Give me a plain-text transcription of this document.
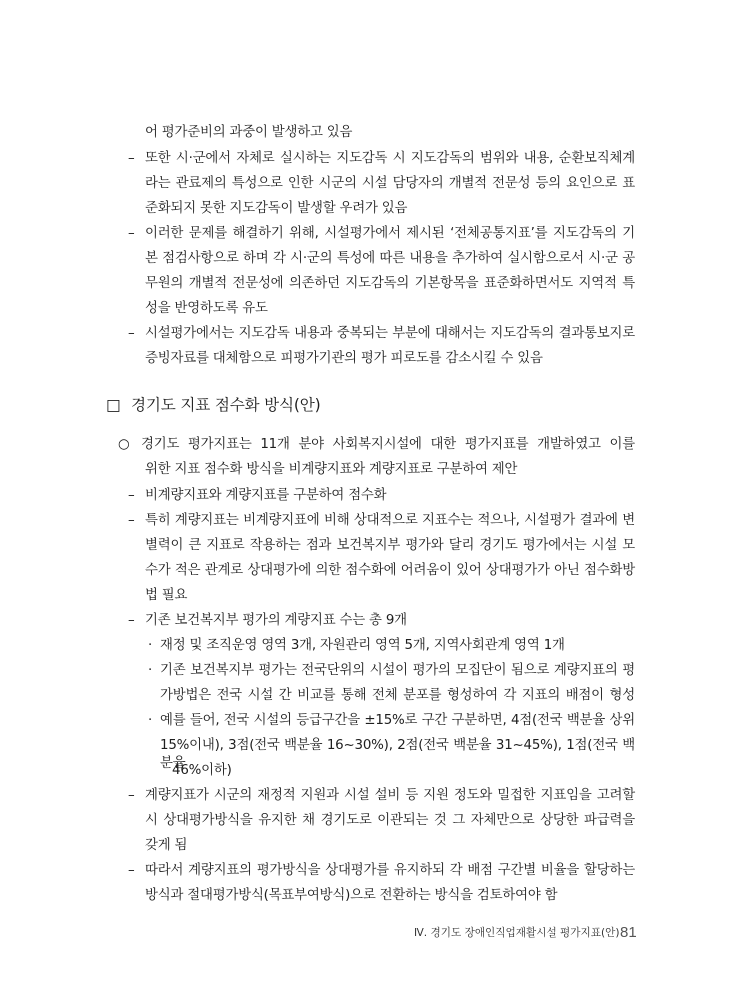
어 평가준비의 과중이 발생하고 있음
– 또한 시·군에서 자체로 실시하는 지도감독 시 지도감독의 범위와 내용, 순환보직체계
라는 관료제의 특성으로 인한 시군의 시설 담당자의 개별적 전문성 등의 요인으로 표
준화되지 못한 지도감독이 발생할 우려가 있음
– 이러한 문제를 해결하기 위해, 시설평가에서 제시된 ‘전체공통지표’를 지도감독의 기
본 점검사항으로 하며 각 시·군의 특성에 따른 내용을 추가하여 실시함으로서 시·군 공
무원의 개별적 전문성에 의존하던 지도감독의 기본항목을 표준화하면서도 지역적 특
성을 반영하도록 유도
– 시설평가에서는 지도감독 내용과 중복되는 부분에 대해서는 지도감독의 결과통보지로
증빙자료를 대체함으로 피평가기관의 평가 피로도를 감소시킬 수 있음
□ 경기도 지표 점수화 방식(안)
○ 경기도 평가지표는 11개 분야 사회복지시설에 대한 평가지표를 개발하였고 이를
위한 지표 점수화 방식을 비계량지표와 계량지표로 구분하여 제안
– 비계량지표와 계량지표를 구분하여 점수화
– 특히 계량지표는 비계량지표에 비해 상대적으로 지표수는 적으나, 시설평가 결과에 변
별력이 큰 지표로 작용하는 점과 보건복지부 평가와 달리 경기도 평가에서는 시설 모
수가 적은 관계로 상대평가에 의한 점수화에 어려움이 있어 상대평가가 아닌 점수화방
법 필요
– 기존 보건복지부 평가의 계량지표 수는 총 9개
· 재정 및 조직운영 영역 3개, 자원관리 영역 5개, 지역사회관계 영역 1개
· 기존 보건복지부 평가는 전국단위의 시설이 평가의 모집단이 됨으로 계량지표의 평
가방법은 전국 시설 간 비교를 통해 전체 분포를 형성하여 각 지표의 배점이 형성
· 예를 들어, 전국 시설의 등급구간을 ±15%로 구간 구분하면, 4점(전국 백분율 상위
15%이내), 3점(전국 백분율 16~30%), 2점(전국 백분율 31~45%), 1점(전국 백분율
46%이하)
– 계량지표가 시군의 재정적 지원과 시설 설비 등 지원 정도와 밀접한 지표임을 고려할
시 상대평가방식을 유지한 채 경기도로 이관되는 것 그 자체만으로 상당한 파급력을
갖게 됨
– 따라서 계량지표의 평가방식을 상대평가를 유지하되 각 배점 구간별 비율을 할당하는
방식과 절대평가방식(목표부여방식)으로 전환하는 방식을 검토하여야 함
Ⅳ. 경기도 장애인직업재활시설 평가지표(안) 81
